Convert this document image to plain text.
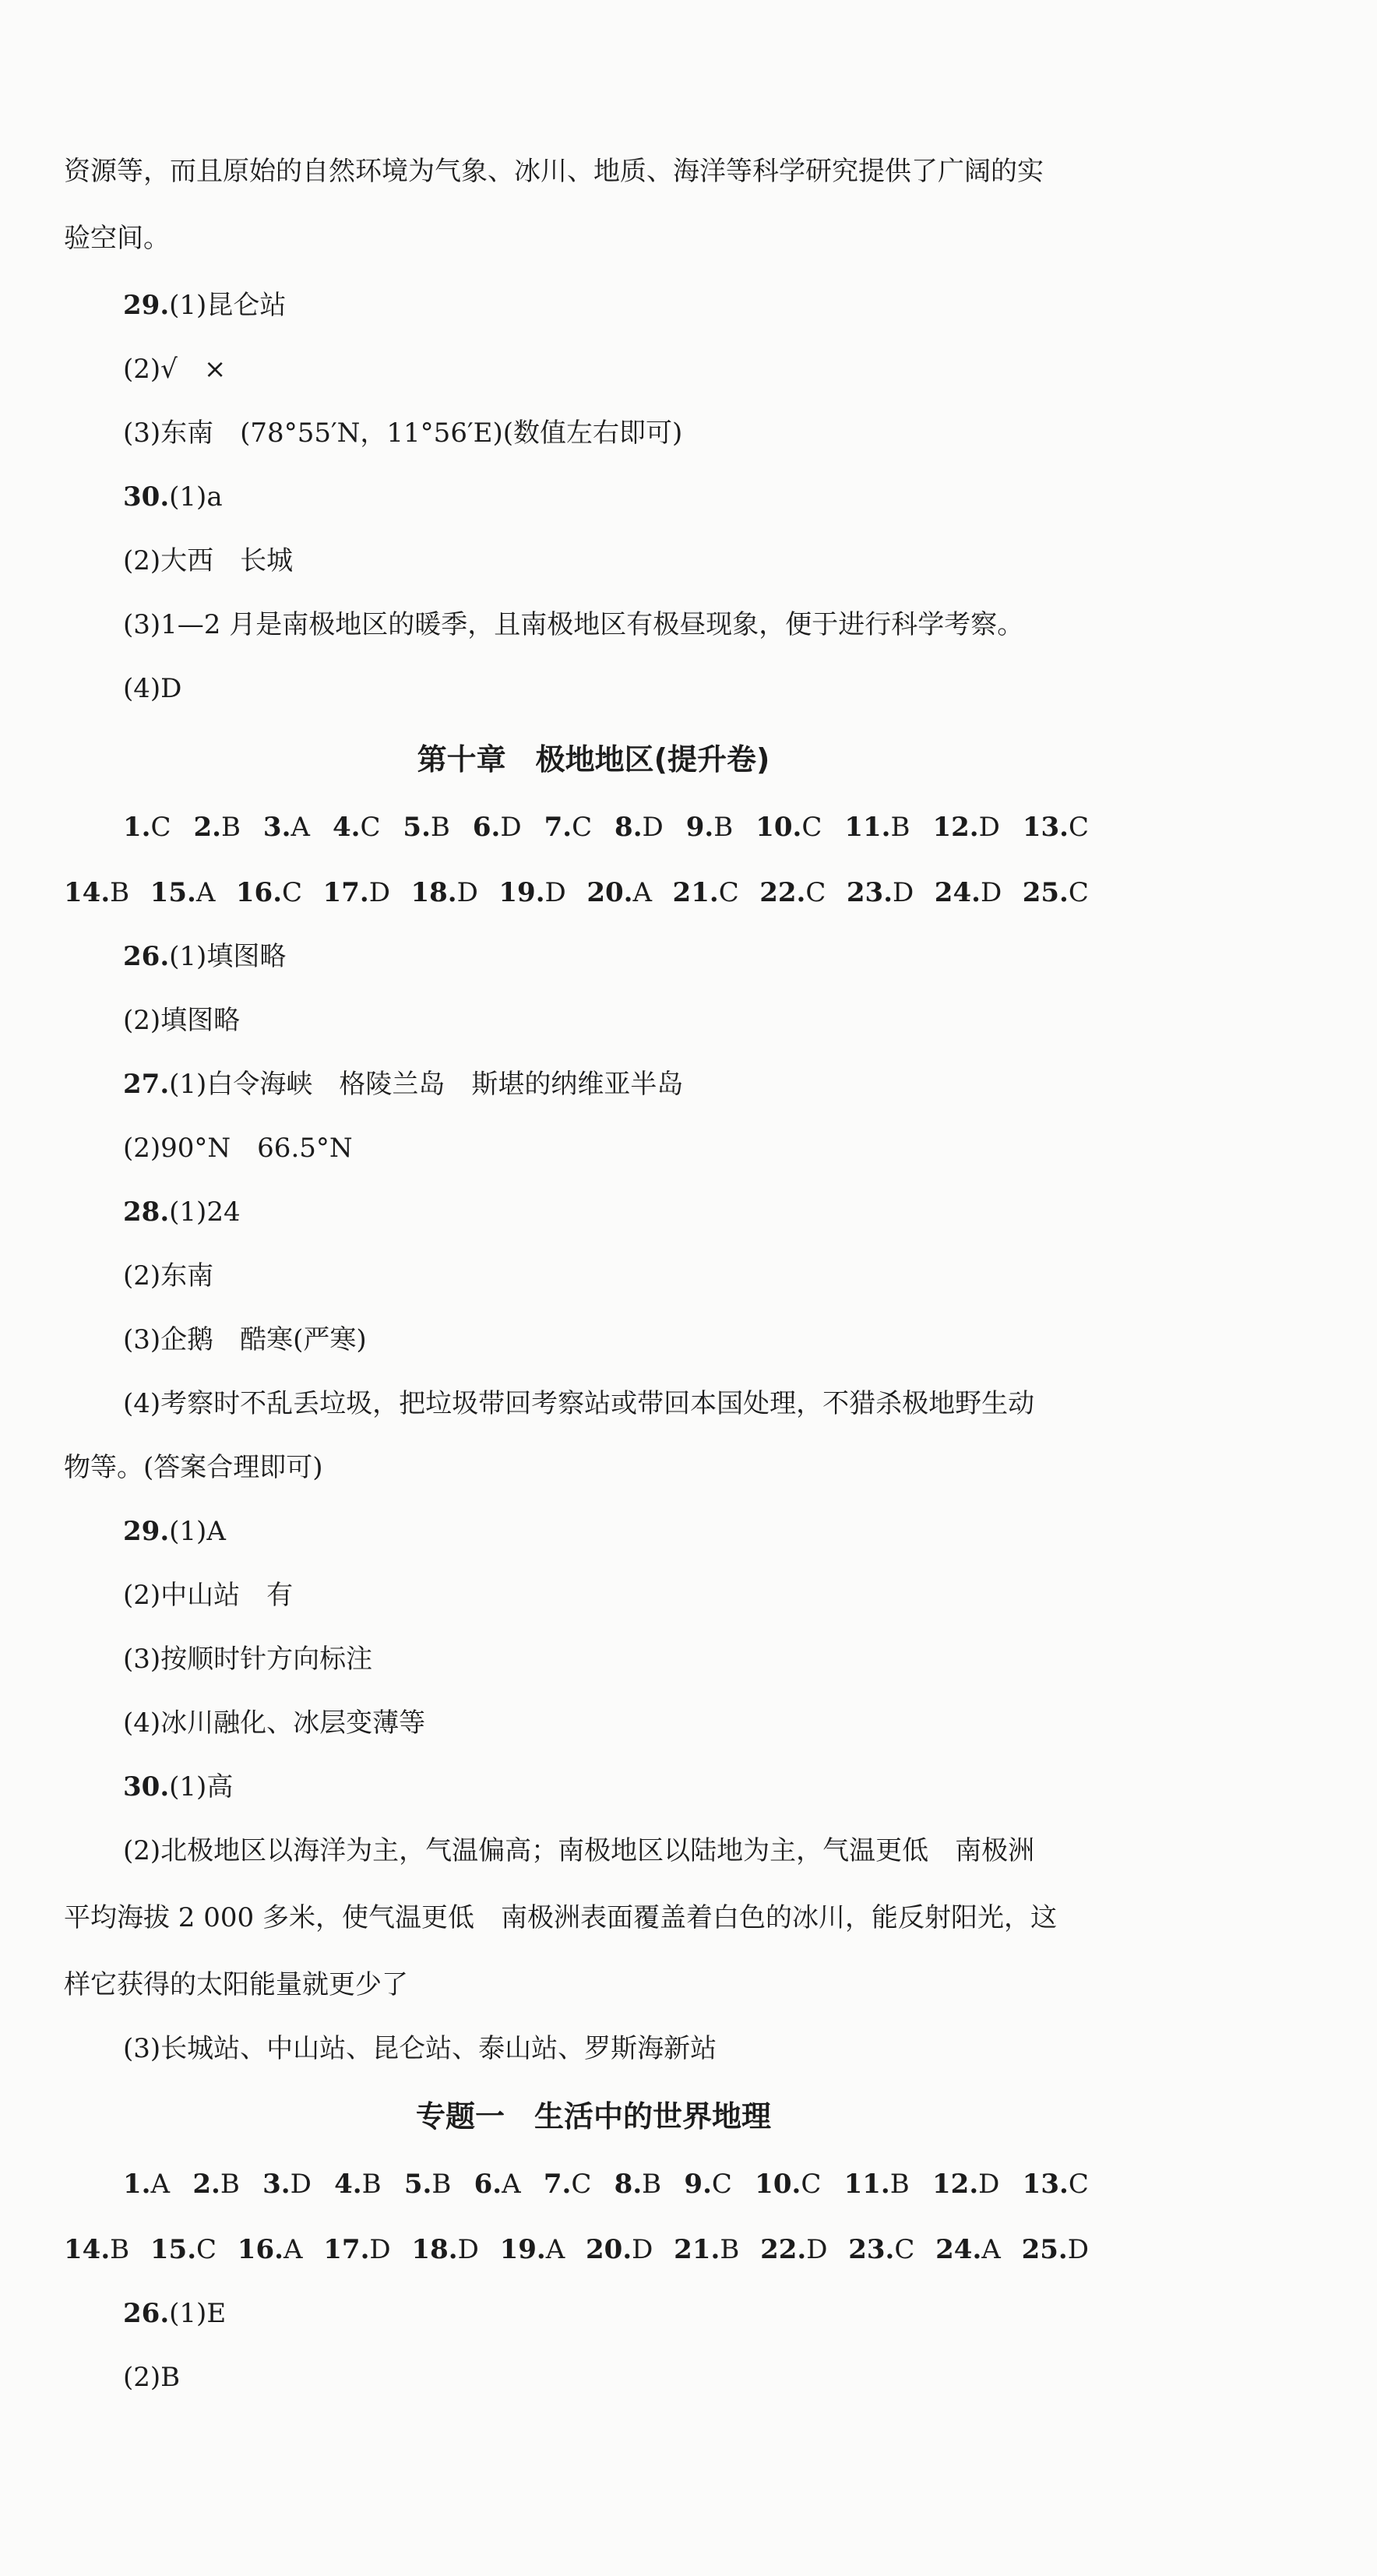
资源等，而且原始的自然环境为气象、冰川、地质、海洋等科学研究提供了广阔的实
验空间。
29.(1)昆仑站
(2)√　×
(3)东南　(78°55′N，11°56′E)(数值左右即可)
30.(1)a
(2)大西　长城
(3)1—2 月是南极地区的暖季，且南极地区有极昼现象，便于进行科学考察。
(4)D
第十章　极地地区(提升卷)
1.C 2.B 3.A 4.C 5.B 6.D 7.C 8.D 9.B 10.C 11.B 12.D 13.C
14.B 15.A 16.C 17.D 18.D 19.D 20.A 21.C 22.C 23.D 24.D 25.C
26.(1)填图略
(2)填图略
27.(1)白令海峡　格陵兰岛　斯堪的纳维亚半岛
(2)90°N　66.5°N
28.(1)24
(2)东南
(3)企鹅　酷寒(严寒)
(4)考察时不乱丢垃圾，把垃圾带回考察站或带回本国处理，不猎杀极地野生动
物等。(答案合理即可)
29.(1)A
(2)中山站　有
(3)按顺时针方向标注
(4)冰川融化、冰层变薄等
30.(1)高
(2)北极地区以海洋为主，气温偏高；南极地区以陆地为主，气温更低　南极洲
平均海拔 2 000 多米，使气温更低　南极洲表面覆盖着白色的冰川，能反射阳光，这
样它获得的太阳能量就更少了
(3)长城站、中山站、昆仑站、泰山站、罗斯海新站
专题一　生活中的世界地理
1.A 2.B 3.D 4.B 5.B 6.A 7.C 8.B 9.C 10.C 11.B 12.D 13.C
14.B 15.C 16.A 17.D 18.D 19.A 20.D 21.B 22.D 23.C 24.A 25.D
26.(1)E
(2)B
